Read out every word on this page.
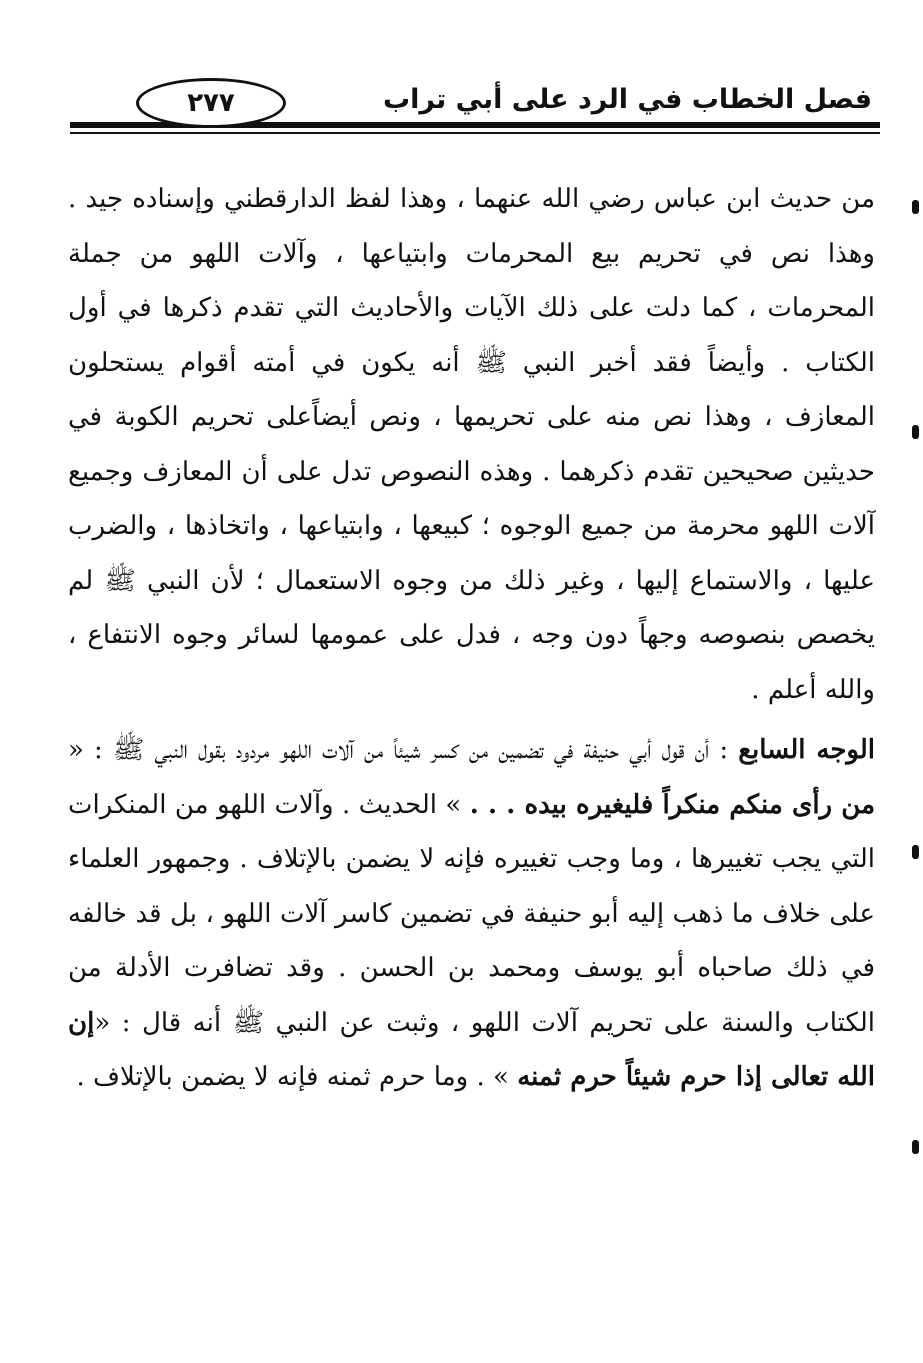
فصل الخطاب في الرد على أبي تراب
٢٧٧

من حديث ابن عباس رضي الله عنهما ، وهذا لفظ الدارقطني وإسناده جيد . وهذا نص في تحريم بيع المحرمات وابتياعها ، وآلات اللهو من جملة المحرمات ، كما دلت على ذلك الآيات والأحاديث التي تقدم ذكرها في أول الكتاب . وأيضاً فقد أخبر النبي ﷺ أنه يكون في أمته أقوام يستحلون المعازف ، وهذا نص منه على تحريمها ، ونص أيضاًعلى تحريم الكوبة في حديثين صحيحين تقدم ذكرهما . وهذه النصوص تدل على أن المعازف وجميع آلات اللهو محرمة من جميع الوجوه ؛ كبيعها ، وابتياعها ، واتخاذها ، والضرب عليها ، والاستماع إليها ، وغير ذلك من وجوه الاستعمال ؛ لأن النبي ﷺ لم يخصص بنصوصه وجهاً دون وجه ، فدل على عمومها لسائر وجوه الانتفاع ، والله أعلم .

الوجه السابع : أن قول أبي حنيفة في تضمين من كسر شيئاً من آلات اللهو مردود بقول النبي ﷺ : « من رأى منكم منكراً فليغيره بيده . . . » الحديث . وآلات اللهو من المنكرات التي يجب تغييرها ، وما وجب تغييره فإنه لا يضمن بالإتلاف . وجمهور العلماء على خلاف ما ذهب إليه أبو حنيفة في تضمين كاسر آلات اللهو ، بل قد خالفه في ذلك صاحباه أبو يوسف ومحمد بن الحسن . وقد تضافرت الأدلة من الكتاب والسنة على تحريم آلات اللهو ، وثبت عن النبي ﷺ أنه قال : «إن الله تعالى إذا حرم شيئاً حرم ثمنه » . وما حرم ثمنه فإنه لا يضمن بالإتلاف .
